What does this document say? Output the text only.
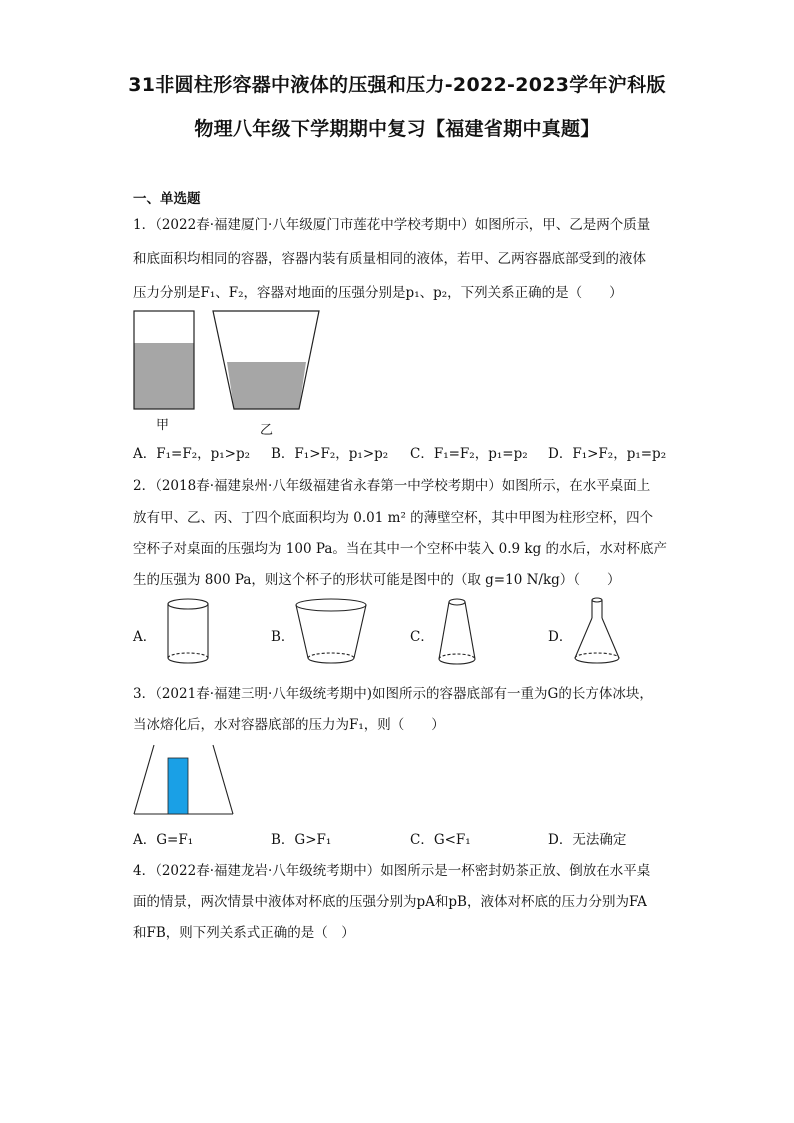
31非圆柱形容器中液体的压强和压力-2022-2023学年沪科版
物理八年级下学期期中复习【福建省期中真题】
一、单选题
1．（2022春·福建厦门·八年级厦门市莲花中学校考期中）如图所示，甲、乙是两个质量
和底面积均相同的容器，容器内装有质量相同的液体，若甲、乙两容器底部受到的液体
压力分别是F₁、F₂，容器对地面的压强分别是p₁、p₂，下列关系正确的是（　　）
甲	乙
A．F₁=F₂，p₁>p₂ B．F₁>F₂，p₁>p₂ C．F₁=F₂，p₁=p₂ D．F₁>F₂，p₁=p₂
2．（2018春·福建泉州·八年级福建省永春第一中学校考期中）如图所示，在水平桌面上
放有甲、乙、丙、丁四个底面积均为 0.01 m² 的薄壁空杯，其中甲图为柱形空杯，四个
空杯子对桌面的压强均为 100 Pa。当在其中一个空杯中装入 0.9 kg 的水后，水对杯底产
生的压强为 800 Pa，则这个杯子的形状可能是图中的（取 g=10 N/kg）（　　）
A．	B．	C．	D．
3．（2021春·福建三明·八年级统考期中)如图所示的容器底部有一重为G的长方体冰块，
当冰熔化后，水对容器底部的压力为F₁，则（　　）
A．G=F₁	B．G>F₁	C．G<F₁	D．无法确定
4．（2022春·福建龙岩·八年级统考期中）如图所示是一杯密封奶茶正放、倒放在水平桌
面的情景，两次情景中液体对杯底的压强分别为pA和pB，液体对杯底的压力分别为FA
和FB，则下列关系式正确的是（　）
